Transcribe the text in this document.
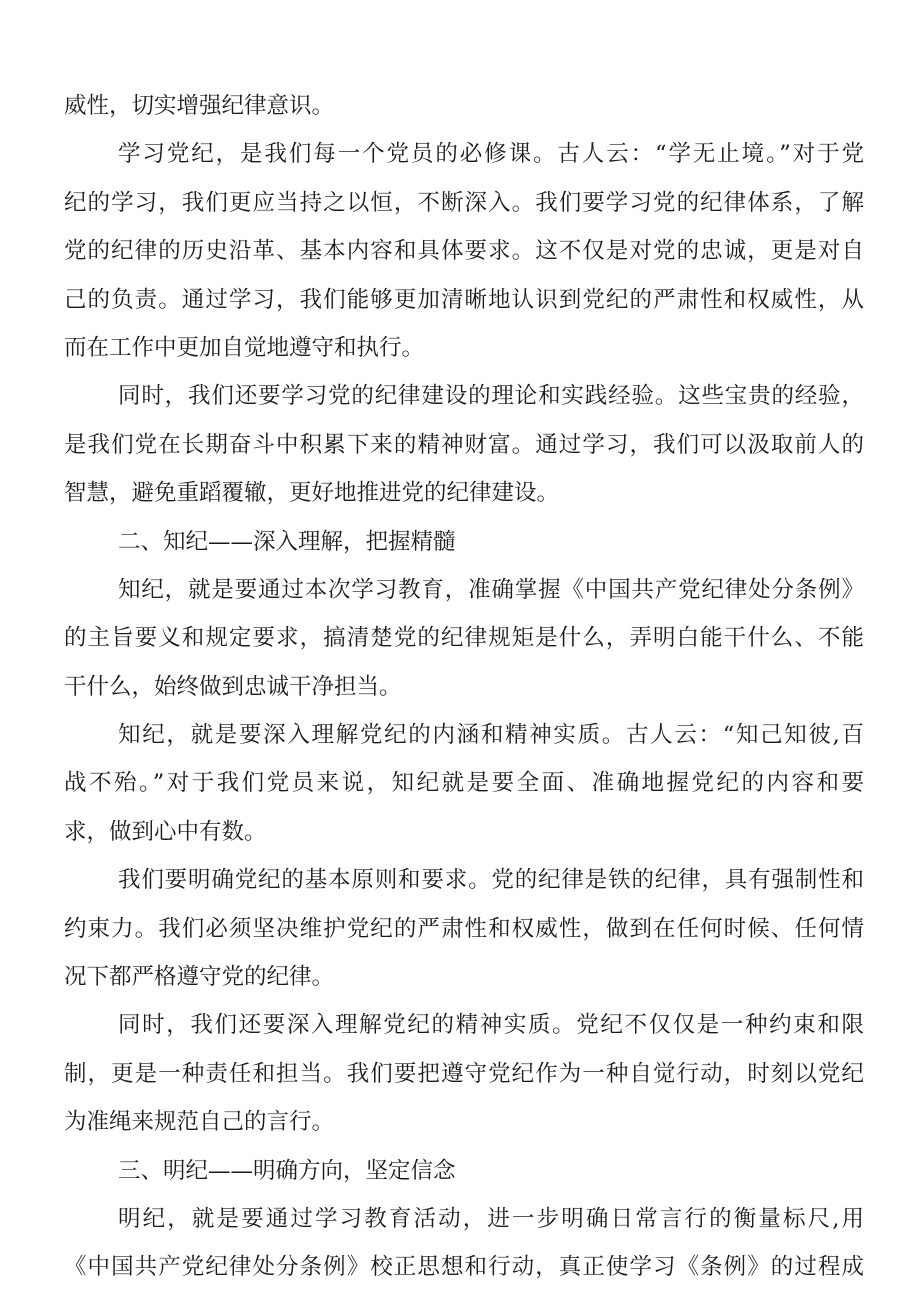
威性，切实增强纪律意识。
学习党纪，是我们每一个党员的必修课。古人云：“学无止境。”对于党
纪的学习，我们更应当持之以恒，不断深入。我们要学习党的纪律体系，了解
党的纪律的历史沿革、基本内容和具体要求。这不仅是对党的忠诚，更是对自
己的负责。通过学习，我们能够更加清晰地认识到党纪的严肃性和权威性，从
而在工作中更加自觉地遵守和执行。
同时，我们还要学习党的纪律建设的理论和实践经验。这些宝贵的经验，
是我们党在长期奋斗中积累下来的精神财富。通过学习，我们可以汲取前人的
智慧，避免重蹈覆辙，更好地推进党的纪律建设。
二、知纪——深入理解，把握精髓
知纪，就是要通过本次学习教育，准确掌握《中国共产党纪律处分条例》
的主旨要义和规定要求，搞清楚党的纪律规矩是什么，弄明白能干什么、不能
干什么，始终做到忠诚干净担当。
知纪，就是要深入理解党纪的内涵和精神实质。古人云：“知己知彼,百
战不殆。”对于我们党员来说，知纪就是要全面、准确地握党纪的内容和要
求，做到心中有数。
我们要明确党纪的基本原则和要求。党的纪律是铁的纪律，具有强制性和
约束力。我们必须坚决维护党纪的严肃性和权威性，做到在任何时候、任何情
况下都严格遵守党的纪律。
同时，我们还要深入理解党纪的精神实质。党纪不仅仅是一种约束和限
制，更是一种责任和担当。我们要把遵守党纪作为一种自觉行动，时刻以党纪
为准绳来规范自己的言行。
三、明纪——明确方向，坚定信念
明纪，就是要通过学习教育活动，进一步明确日常言行的衡量标尺,用
《中国共产党纪律处分条例》校正思想和行动，真正使学习《条例》的过程成
